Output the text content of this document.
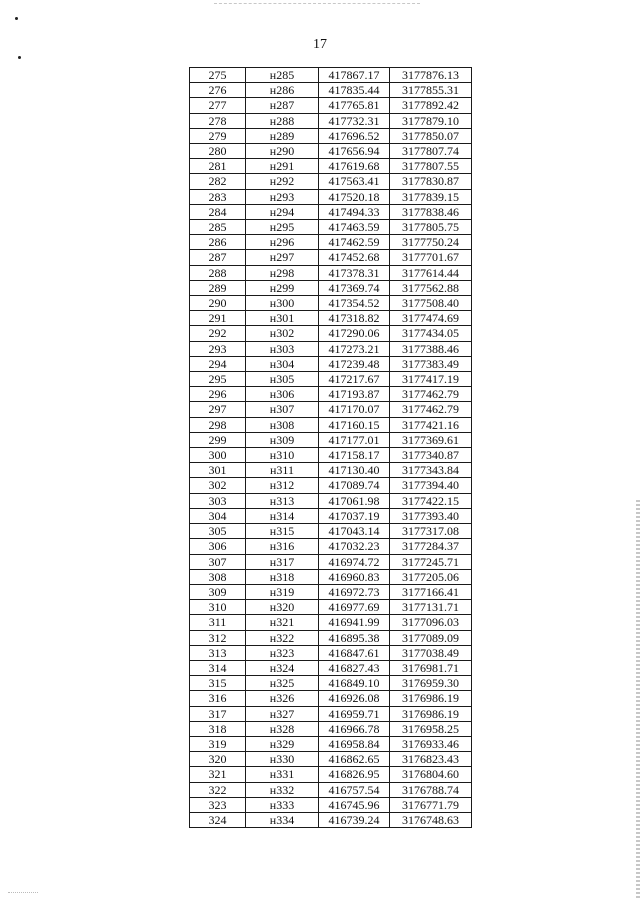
17
275	н285	417867.17	3177876.13
276	н286	417835.44	3177855.31
277	н287	417765.81	3177892.42
278	н288	417732.31	3177879.10
279	н289	417696.52	3177850.07
280	н290	417656.94	3177807.74
281	н291	417619.68	3177807.55
282	н292	417563.41	3177830.87
283	н293	417520.18	3177839.15
284	н294	417494.33	3177838.46
285	н295	417463.59	3177805.75
286	н296	417462.59	3177750.24
287	н297	417452.68	3177701.67
288	н298	417378.31	3177614.44
289	н299	417369.74	3177562.88
290	н300	417354.52	3177508.40
291	н301	417318.82	3177474.69
292	н302	417290.06	3177434.05
293	н303	417273.21	3177388.46
294	н304	417239.48	3177383.49
295	н305	417217.67	3177417.19
296	н306	417193.87	3177462.79
297	н307	417170.07	3177462.79
298	н308	417160.15	3177421.16
299	н309	417177.01	3177369.61
300	н310	417158.17	3177340.87
301	н311	417130.40	3177343.84
302	н312	417089.74	3177394.40
303	н313	417061.98	3177422.15
304	н314	417037.19	3177393.40
305	н315	417043.14	3177317.08
306	н316	417032.23	3177284.37
307	н317	416974.72	3177245.71
308	н318	416960.83	3177205.06
309	н319	416972.73	3177166.41
310	н320	416977.69	3177131.71
311	н321	416941.99	3177096.03
312	н322	416895.38	3177089.09
313	н323	416847.61	3177038.49
314	н324	416827.43	3176981.71
315	н325	416849.10	3176959.30
316	н326	416926.08	3176986.19
317	н327	416959.71	3176986.19
318	н328	416966.78	3176958.25
319	н329	416958.84	3176933.46
320	н330	416862.65	3176823.43
321	н331	416826.95	3176804.60
322	н332	416757.54	3176788.74
323	н333	416745.96	3176771.79
324	н334	416739.24	3176748.63
